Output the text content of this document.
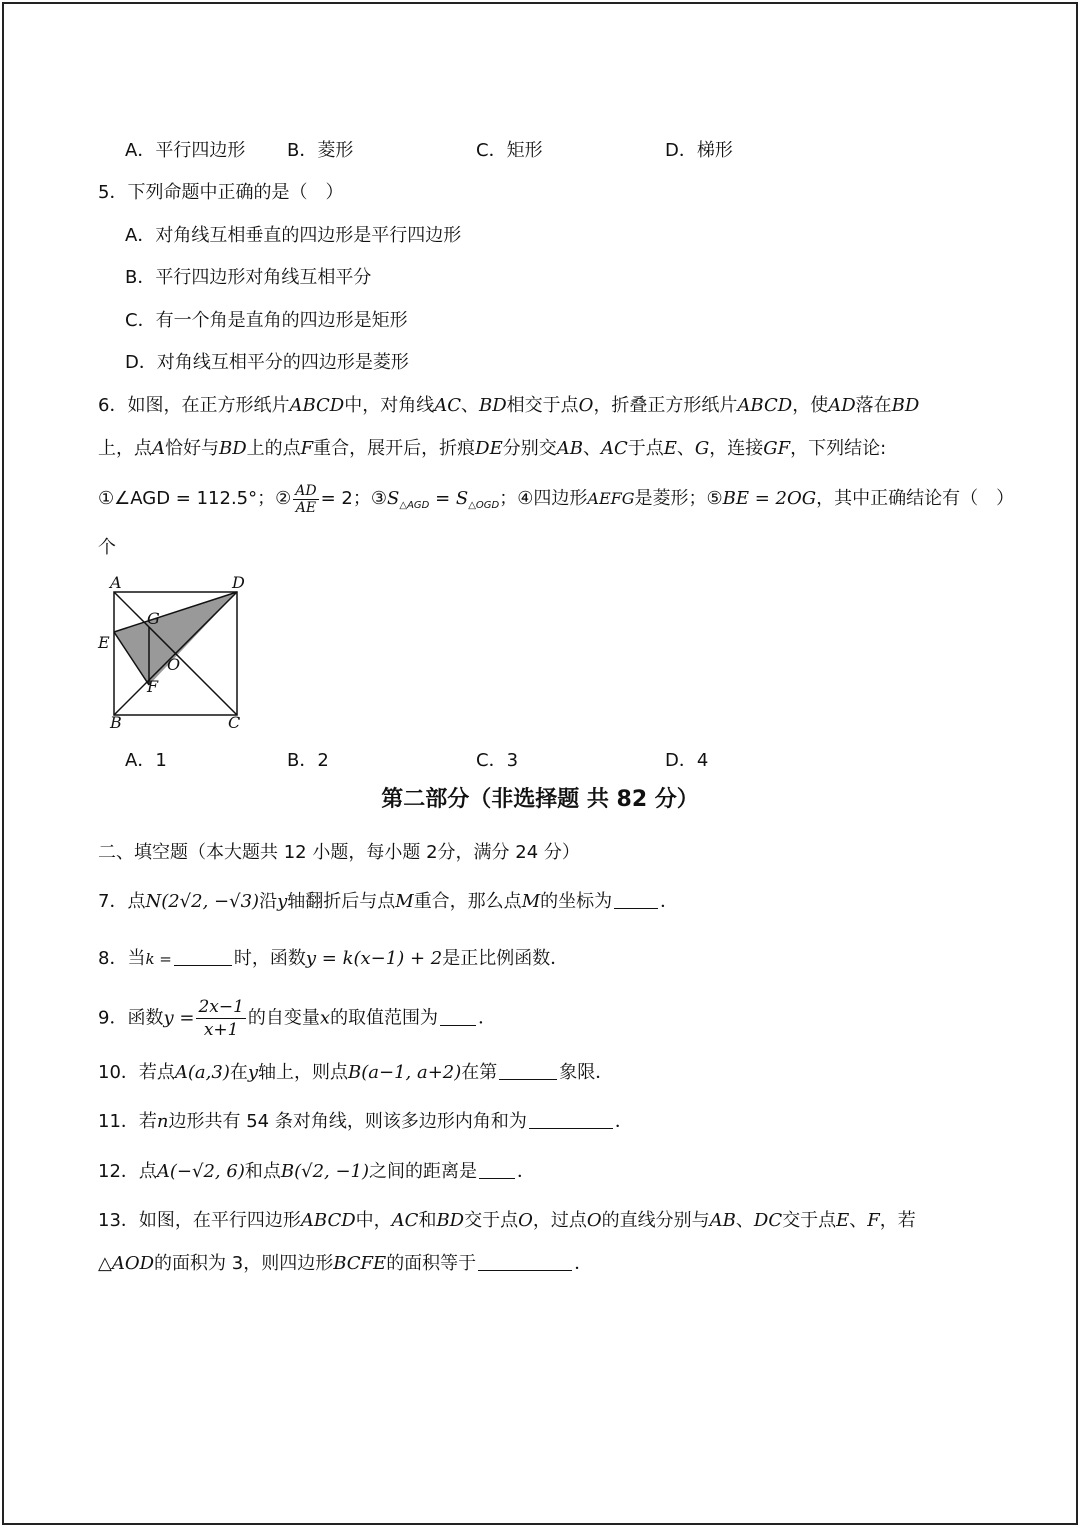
A．平行四边形 B．菱形	C．矩形	D．梯形
5．下列命题中正确的是（　）
A．对角线互相垂直的四边形是平行四边形
B．平行四边形对角线互相平分
C．有一个角是直角的四边形是矩形
D．对角线互相平分的四边形是菱形
6．如图，在正方形纸片ABCD中，对角线AC、BD相交于点O，折叠正方形纸片ABCD，使AD落在BD
上，点A恰好与BD上的点F重合，展开后，折痕DE分别交AB、AC于点E、G，连接GF，下列结论:
①∠AGD = 112.5°；② $\frac{AD}{AE} = 2$；$③S_{\triangle AGD} = S_{\triangle OGD}$；④四边形AEFG是菱形；⑤BE = 2OG，其中正确结论有（　）
个
A	D
G
E
O
F
B	C
A．1	B．2	C．3	D．4
第二部分（非选择题 共 82 分）
二、填空题（本大题共 12 小题，每小题 2分，满分 24 分）
7．点N(2√2, −√3)沿y轴翻折后与点M重合，那么点M的坐标为	．
8．当k =	时，函数y = k(x−1) + 2是正比例函数．
9．函数$y = \frac{2x-1}{x+1}$ 的自变量x的取值范围为 ．
10．若点A(a,3)在y轴上，则点B(a−1, a+2)在第	象限．
11．若n边形共有 54 条对角线，则该多边形内角和为	．
12．点A(−√2, 6)和点B(√2, −1)之间的距离是 ．
13．如图，在平行四边形ABCD中，AC和BD交于点O，过点O的直线分别与AB、DC交于点E、F，若
△AOD的面积为 3，则四边形BCFE的面积等于	．
